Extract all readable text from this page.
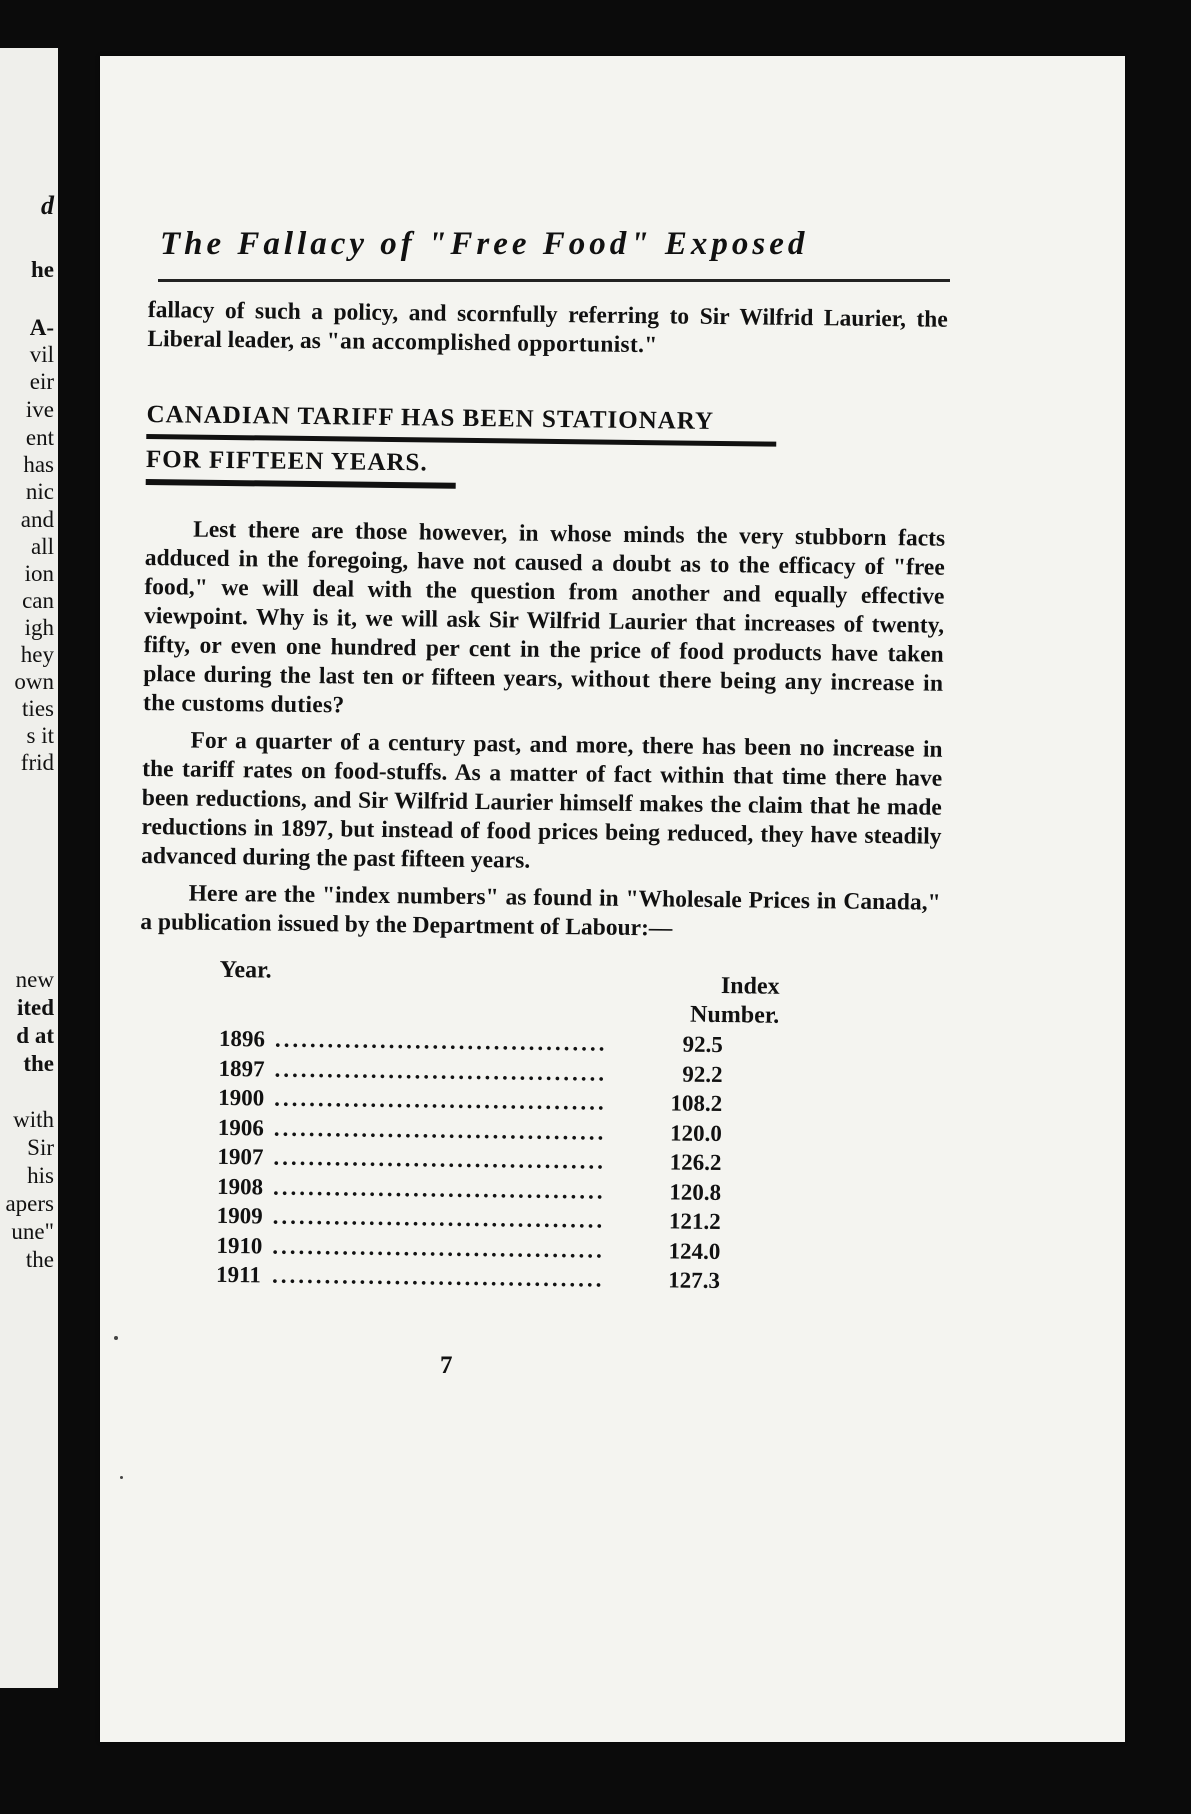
d
he
A-
vil
eir
ive
ent
has
nic
and
all
ion
can
igh
hey
own
ties
s it
frid
new
ited
d at
the
with
Sir
his
apers
une"
the
The Fallacy of "Free Food" Exposed

fallacy of such a policy, and scornfully referring to Sir Wilfrid Laurier, the Liberal leader, as "an accomplished opportunist."

CANADIAN TARIFF HAS BEEN STATIONARY
FOR FIFTEEN YEARS.

Lest there are those however, in whose minds the very stubborn facts adduced in the foregoing, have not caused a doubt as to the efficacy of "free food," we will deal with the question from another and equally effective viewpoint. Why is it, we will ask Sir Wilfrid Laurier that increases of twenty, fifty, or even one hundred per cent in the price of food products have taken place during the last ten or fifteen years, without there being any increase in the customs duties?

For a quarter of a century past, and more, there has been no increase in the tariff rates on food-stuffs. As a matter of fact within that time there have been reductions, and Sir Wilfrid Laurier himself makes the claim that he made reductions in 1897, but instead of food prices being reduced, they have steadily advanced during the past fifteen years.

Here are the "index numbers" as found in "Wholesale Prices in Canada," a publication issued by the Department of Labour:—

Year.		Index Number.
1896	......................................	92.5
1897	......................................	92.2
1900	......................................	108.2
1906	......................................	120.0
1907	......................................	126.2
1908	......................................	120.8
1909	......................................	121.2
1910	......................................	124.0
1911	......................................	127.3
7
